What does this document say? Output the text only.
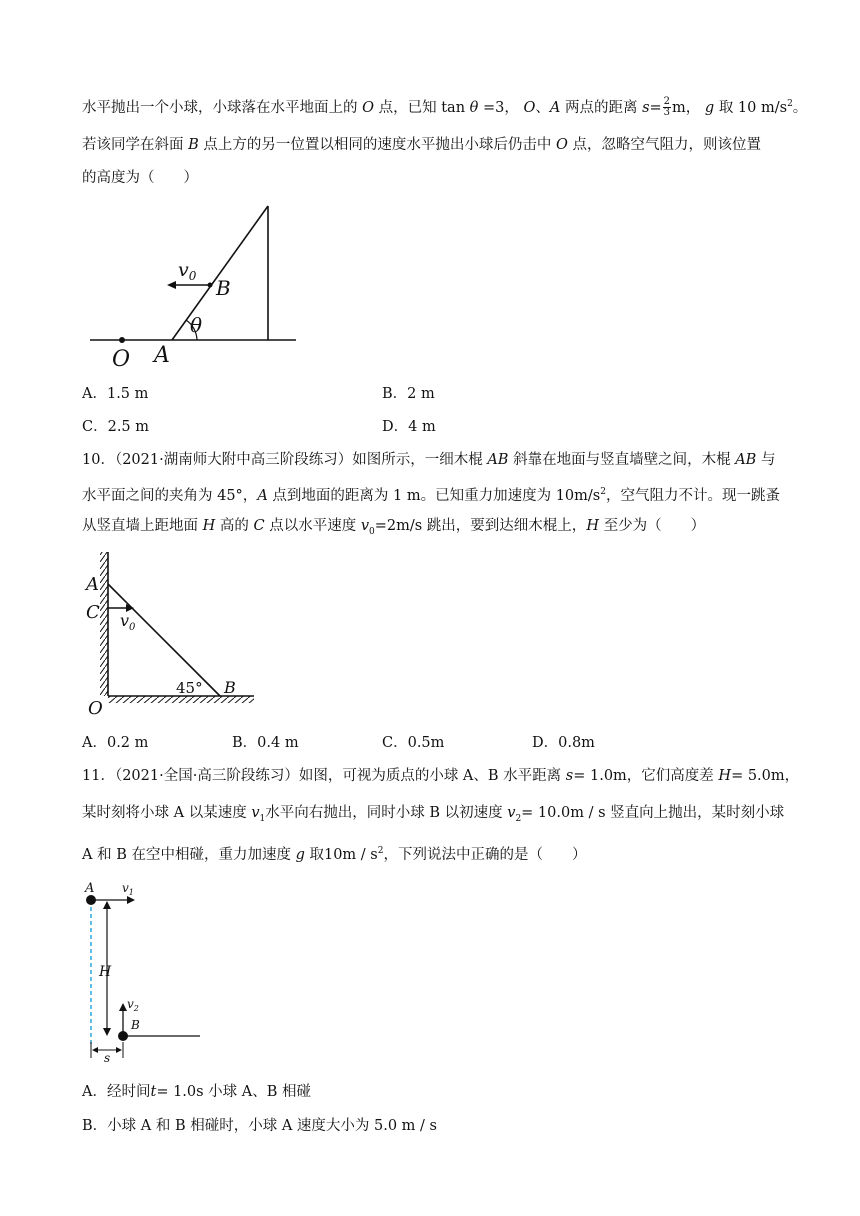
水平抛出一个小球，小球落在水平地面上的 O 点，已知 tan θ =3， O、A 两点的距离 $s= \frac{2}{3}$ m， g 取 10 $m/s^2$。
若该同学在斜面 B 点上方的另一位置以相同的速度水平抛出小球后仍击中 O 点，忽略空气阻力，则该位置
的高度为（　　）
$v_0$ B
θ
O A
A．1.5 m	B．2 m
C．2.5 m	D．4 m
10．（2021·湖南师大附中高三阶段练习）如图所示，一细木棍 AB 斜靠在地面与竖直墙壁之间，木棍 AB 与
水平面之间的夹角为 45°，A 点到地面的距离为 1 m。已知重力加速度为 $10m/s^2$，空气阻力不计。现一跳蚤
从竖直墙上距地面 H 高的 C 点以水平速度 $v_0=2m/s$ 跳出，要到达细木棍上，H 至少为（　　）
A
C $v_0$
45° B
O
A．0.2 m	B．0.4 m	C．0.5m	D．0.8m
11．（2021·全国·高三阶段练习）如图，可视为质点的小球 A、B 水平距离 s= 1.0m，它们高度差 H= 5.0m，
某时刻将小球 A 以某速度 $v_1$水平向右抛出，同时小球 B 以初速度 $v_2= 10.0m / s$ 竖直向上抛出，某时刻小球
A 和 B 在空中相碰，重力加速度 g 取$10m / s^2$，下列说法中正确的是（　　）
A $v_1$
H
$v_2$
B
s
A．经时间t= 1.0s 小球 A、B 相碰
B．小球 A 和 B 相碰时，小球 A 速度大小为 5.0 m / s
